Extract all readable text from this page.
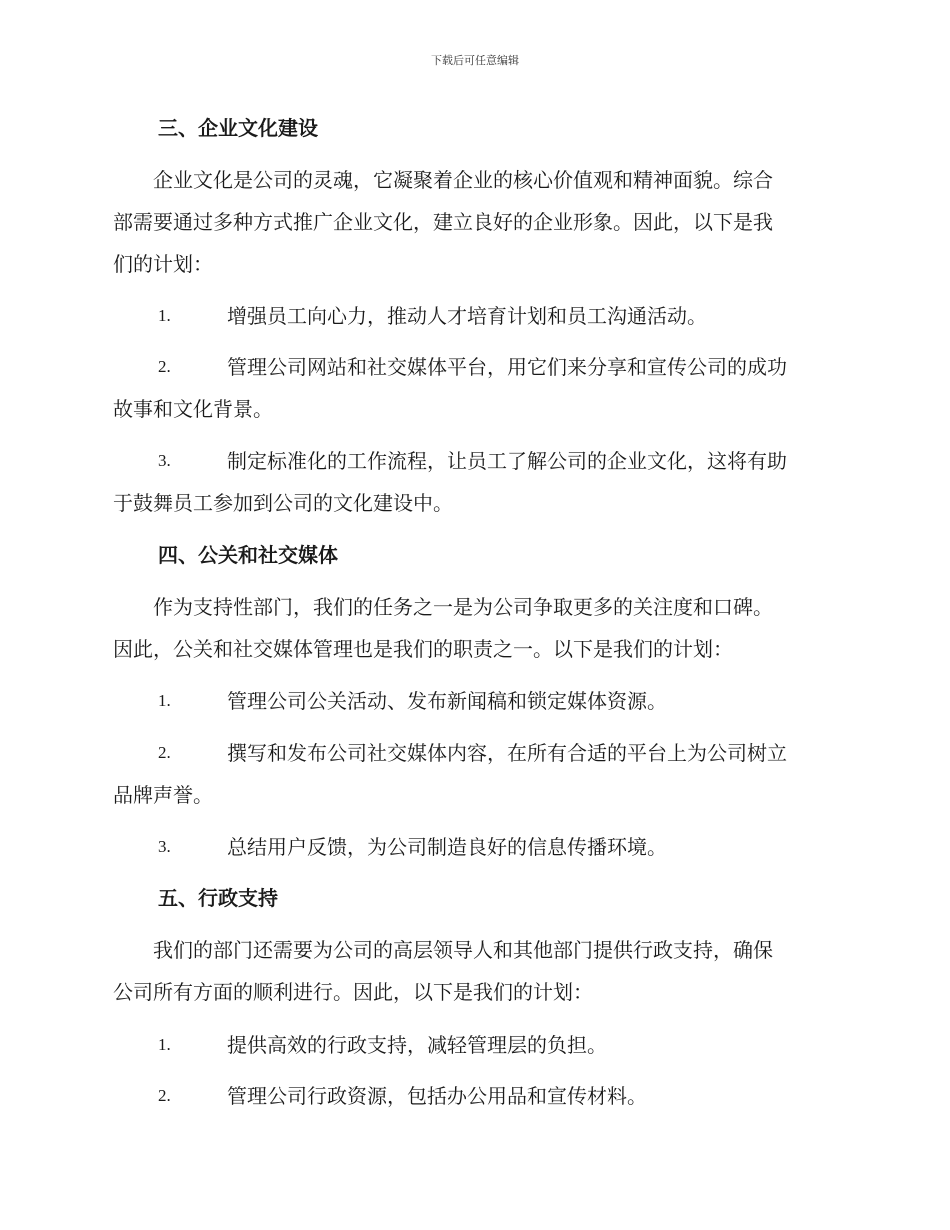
下载后可任意编辑
三、企业文化建设
　　企业文化是公司的灵魂，它凝聚着企业的核心价值观和精神面貌。综合
部需要通过多种方式推广企业文化，建立良好的企业形象。因此，以下是我
们的计划：
1.	增强员工向心力，推动人才培育计划和员工沟通活动。
2.	管理公司网站和社交媒体平台，用它们来分享和宣传公司的成功
故事和文化背景。
3.	制定标准化的工作流程，让员工了解公司的企业文化，这将有助
于鼓舞员工参加到公司的文化建设中。
四、公关和社交媒体
　　作为支持性部门，我们的任务之一是为公司争取更多的关注度和口碑。
因此，公关和社交媒体管理也是我们的职责之一。以下是我们的计划：
1.	管理公司公关活动、发布新闻稿和锁定媒体资源。
2.	撰写和发布公司社交媒体内容，在所有合适的平台上为公司树立
品牌声誉。
3.	总结用户反馈，为公司制造良好的信息传播环境。
五、行政支持
　　我们的部门还需要为公司的高层领导人和其他部门提供行政支持，确保
公司所有方面的顺利进行。因此，以下是我们的计划：
1.	提供高效的行政支持，减轻管理层的负担。
2.	管理公司行政资源，包括办公用品和宣传材料。
